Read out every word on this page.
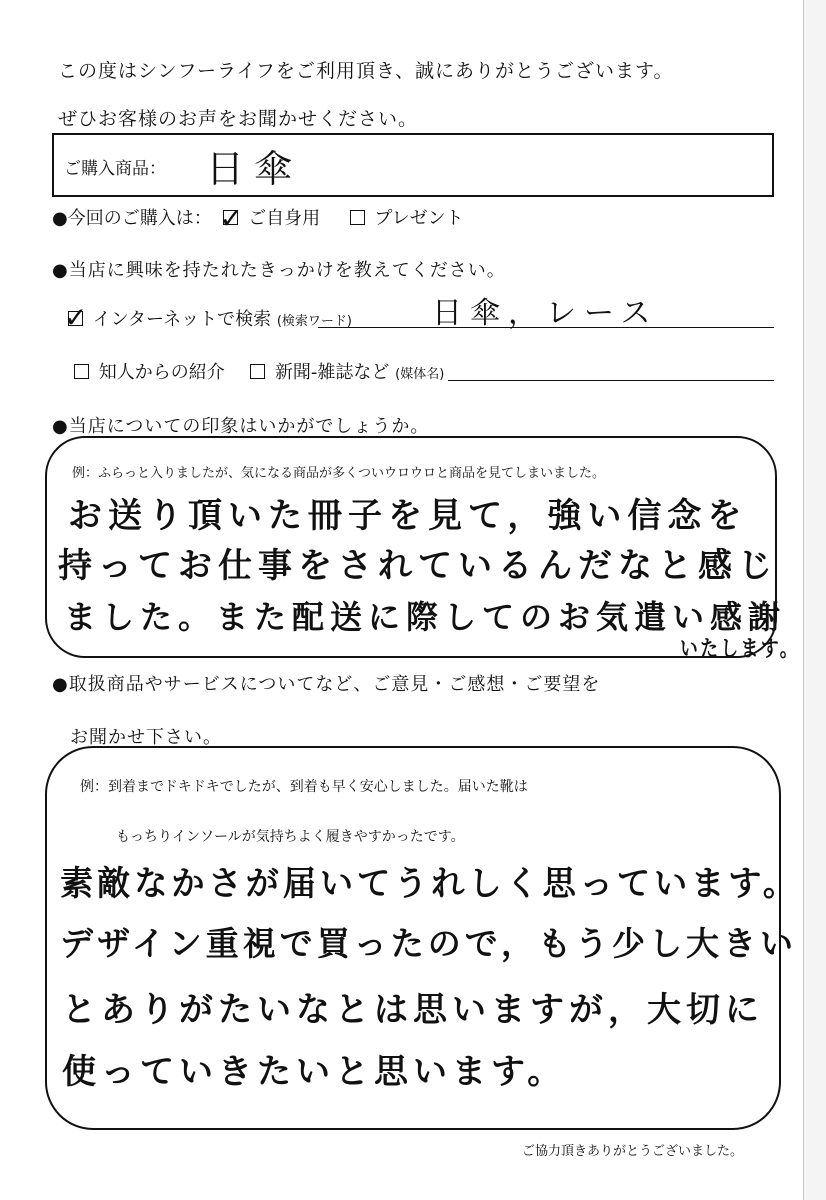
この度はシンフーライフをご利用頂き、誠にありがとうございます。
ぜひお客様のお声をお聞かせください。
ご購入商品： 日傘
●今回のご購入は： ✓ ご自身用	プレゼント
●当店に興味を持たれたきっかけを教えてください。

✓ インターネットで検索 (検索ワード)	日傘，レース
知人からの紹介	新聞-雑誌など (媒体名)
●当店についての印象はいかがでしょうか。
例：ふらっと入りましたが、気になる商品が多くついウロウロと商品を見てしまいました。
お送り頂いた冊子を見て，強い信念を
持ってお仕事をされているんだなと感じ
ました。また配送に際してのお気遣い感謝
いたします。
●取扱商品やサービスについてなど、ご意見・ご感想・ご要望を
お聞かせ下さい。
例：到着までドキドキでしたが、到着も早く安心しました。届いた靴は
もっちりインソールが気持ちよく履きやすかったです。
素敵なかさが届いてうれしく思っています。
デザイン重視で買ったので，もう少し大きい
とありがたいなとは思いますが，大切に
使っていきたいと思います。
ご協力頂きありがとうございました。
